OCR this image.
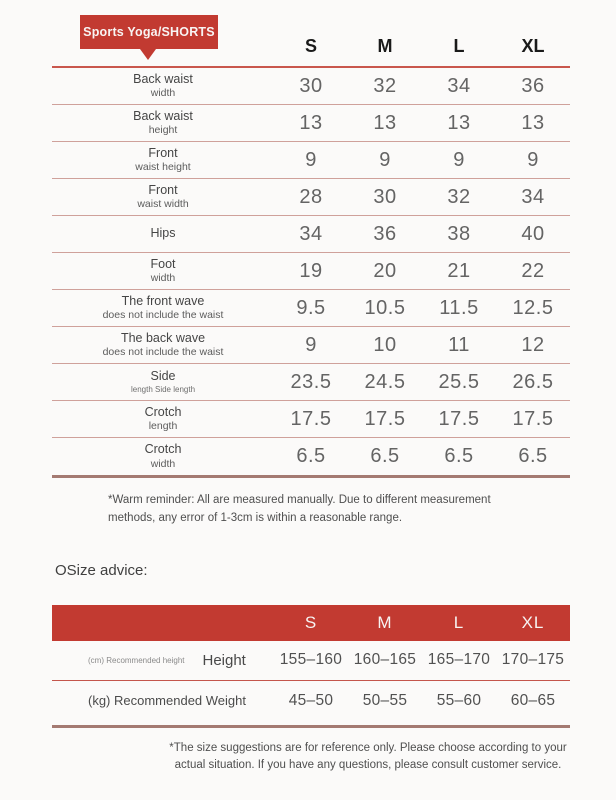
Sports Yoga/SHORTS
S	M	L	XL
Back waist
width	30	32	34	36
Back waist
height	13	13	13	13
Front
waist height	9	9	9	9
Front
waist width	28	30	32	34
Hips	34	36	38	40
Foot
width	19	20	21	22
The front wave
does not include the waist	9.5	10.5	11.5	12.5
The back wave
does not include the waist	9	10	11	12
Side
length Side length	23.5	24.5	25.5	26.5
Crotch
length	17.5	17.5	17.5	17.5
Crotch
width	6.5	6.5	6.5	6.5

*Warm reminder: All are measured manually. Due to different measurement methods, any error of 1-3cm is within a reasonable range.

OSize advice:
S	M	L	XL
(cm) Recommended height Height	155–160 160–165 165–170 170–175
(kg) Recommended Weight	45–50	50–55	55–60	60–65

*The size suggestions are for reference only. Please choose according to your actual situation. If you have any questions, please consult customer service.
